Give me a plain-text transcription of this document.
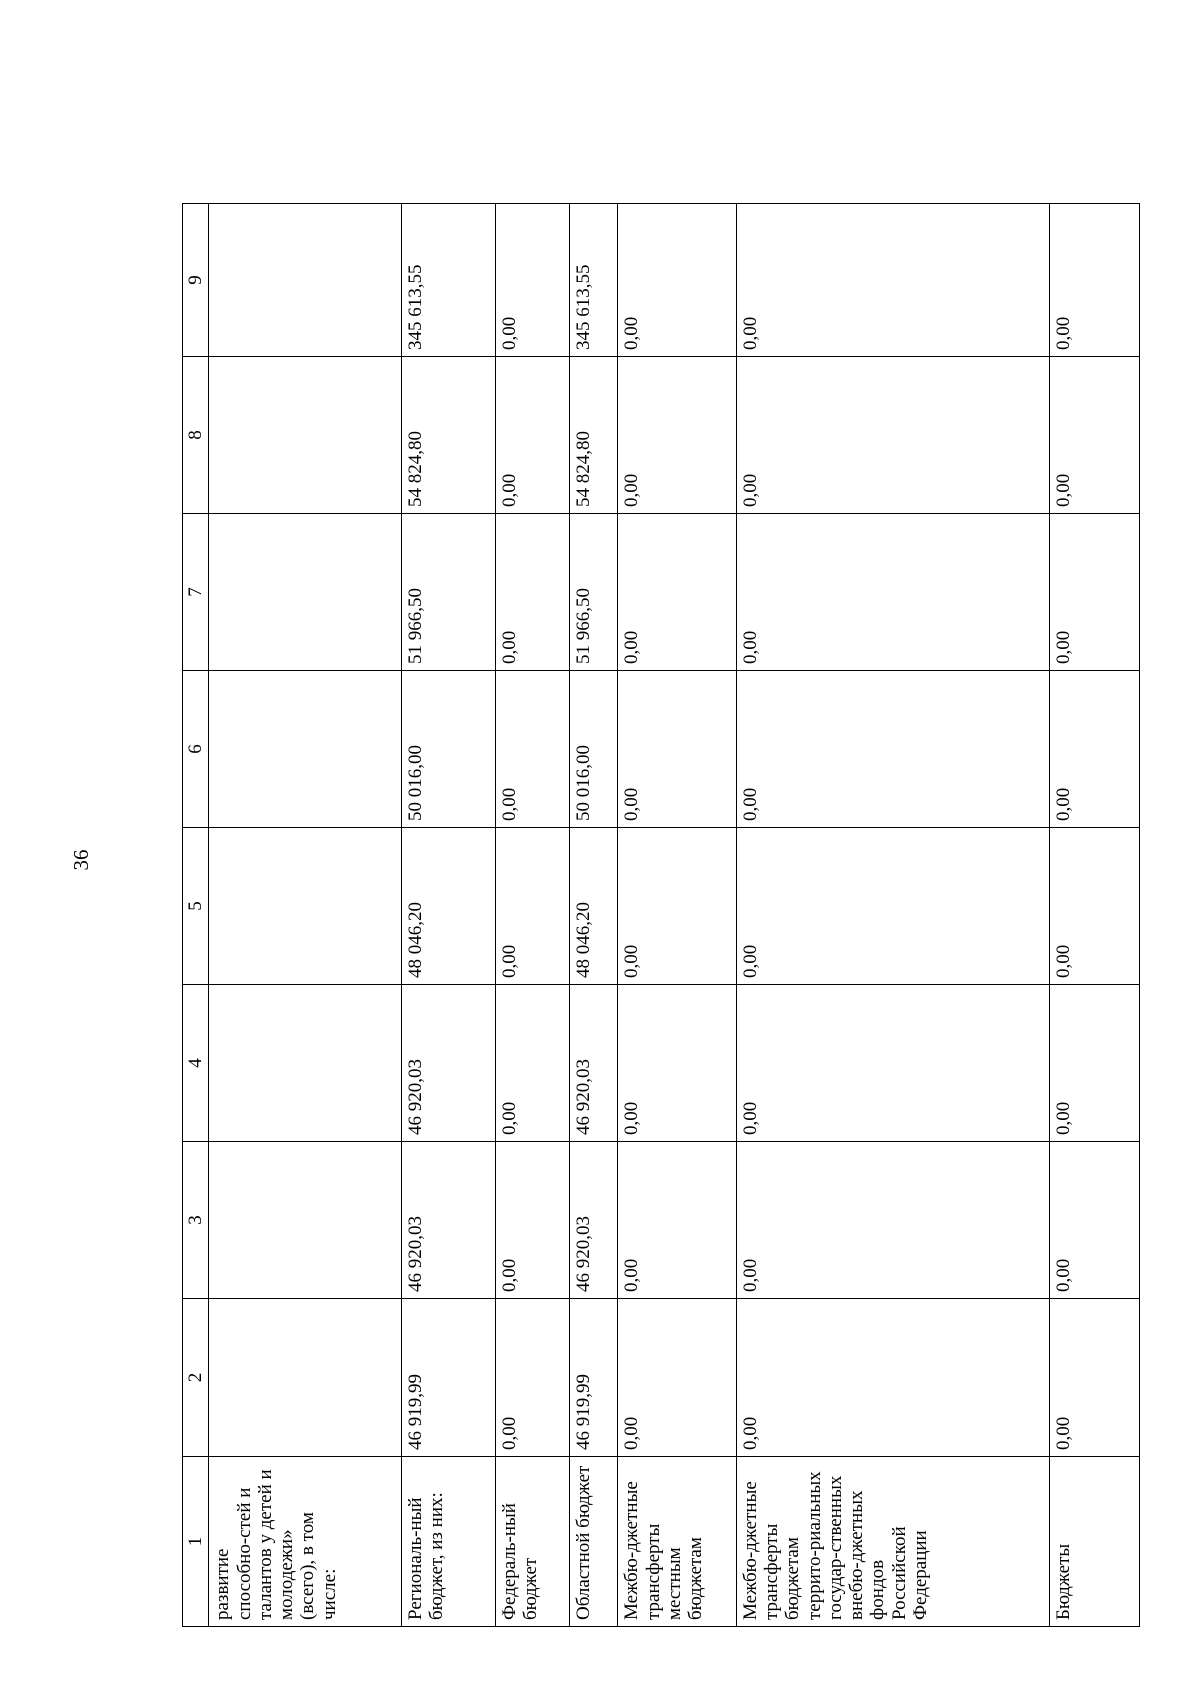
36
1	2	3	4	5	6	7	8	9
развитие способно-стей и талантов у детей и молодежи» (всего), в том числе:								
Региональ-ный бюджет, из них:	46 919,99	46 920,03	46 920,03	48 046,20	50 016,00	51 966,50	54 824,80	345 613,55
Федераль-ный бюджет	0,00	0,00	0,00	0,00	0,00	0,00	0,00	0,00
Областной бюджет	46 919,99	46 920,03	46 920,03	48 046,20	50 016,00	51 966,50	54 824,80	345 613,55
Межбю-джетные трансферты местным бюджетам	0,00	0,00	0,00	0,00	0,00	0,00	0,00	0,00
Межбю-джетные трансферты бюджетам террито-риальных государ-ственных внебю-джетных фондов Российской Федерации	0,00	0,00	0,00	0,00	0,00	0,00	0,00	0,00
Бюджеты	0,00	0,00	0,00	0,00	0,00	0,00	0,00	0,00
